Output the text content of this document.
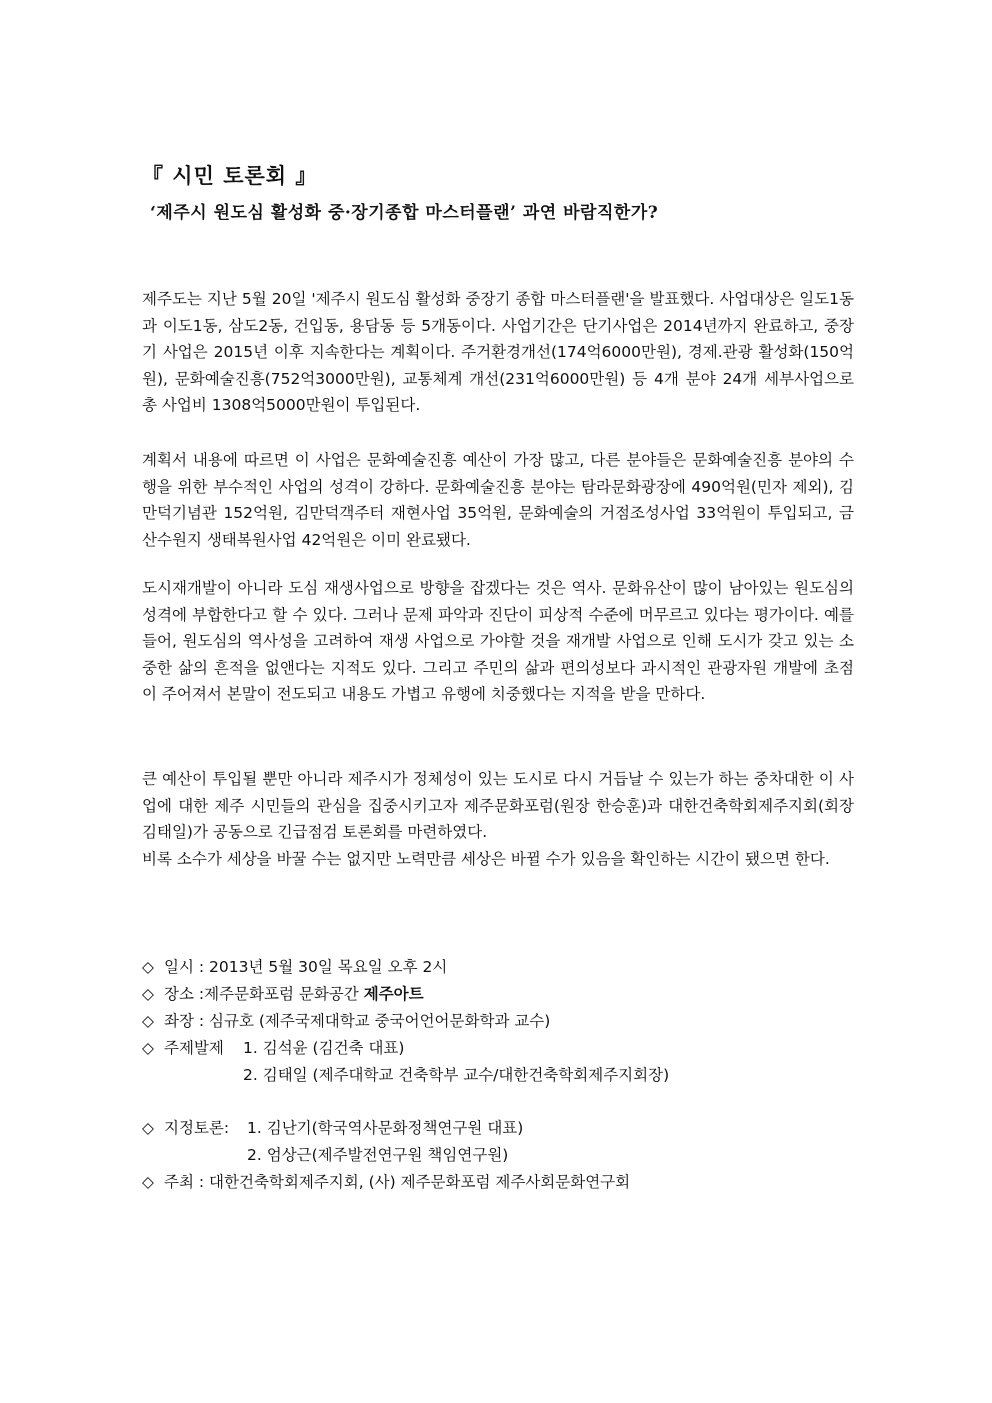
『 시민 토론회 』
‘제주시 원도심 활성화 중·장기종합 마스터플랜’ 과연 바람직한가?

제주도는 지난 5월 20일 '제주시 원도심 활성화 중장기 종합 마스터플랜'을 발표했다. 사업대상은 일도1동과 이도1동, 삼도2동, 건입동, 용담동 등 5개동이다. 사업기간은 단기사업은 2014년까지 완료하고, 중장기 사업은 2015년 이후 지속한다는 계획이다. 주거환경개선(174억6000만원), 경제.관광 활성화(150억원), 문화예술진흥(752억3000만원), 교통체계 개선(231억6000만원) 등 4개 분야 24개 세부사업으로 총 사업비 1308억5000만원이 투입된다.

계획서 내용에 따르면 이 사업은 문화예술진흥 예산이 가장 많고, 다른 분야들은 문화예술진흥 분야의 수행을 위한 부수적인 사업의 성격이 강하다. 문화예술진흥 분야는 탐라문화광장에 490억원(민자 제외), 김만덕기념관 152억원, 김만덕객주터 재현사업 35억원, 문화예술의 거점조성사업 33억원이 투입되고, 금산수원지 생태복원사업 42억원은 이미 완료됐다.

도시재개발이 아니라 도심 재생사업으로 방향을 잡겠다는 것은 역사. 문화유산이 많이 남아있는 원도심의 성격에 부합한다고 할 수 있다. 그러나 문제 파악과 진단이 피상적 수준에 머무르고 있다는 평가이다. 예를 들어, 원도심의 역사성을 고려하여 재생 사업으로 가야할 것을 재개발 사업으로 인해 도시가 갖고 있는 소중한 삶의 흔적을 없앤다는 지적도 있다. 그리고 주민의 삶과 편의성보다 과시적인 관광자원 개발에 초점이 주어져서 본말이 전도되고 내용도 가볍고 유행에 치중했다는 지적을 받을 만하다.

큰 예산이 투입될 뿐만 아니라 제주시가 정체성이 있는 도시로 다시 거듭날 수 있는가 하는 중차대한 이 사업에 대한 제주 시민들의 관심을 집중시키고자 제주문화포럼(원장 한승훈)과 대한건축학회제주지회(회장 김태일)가 공동으로 긴급점검 토론회를 마련하였다.

비록 소수가 세상을 바꿀 수는 없지만 노력만큼 세상은 바뀔 수가 있음을 확인하는 시간이 됐으면 한다.

◇ 일시 : 2013년 5월 30일 목요일 오후 2시
◇ 장소 :제주문화포럼 문화공간 제주아트
◇ 좌장 : 심규호 (제주국제대학교 중국어언어문화학과 교수)
◇ 주제발제 1. 김석윤 (김건축 대표)
2. 김태일 (제주대학교 건축학부 교수/대한건축학회제주지회장)
◇ 지정토론: 1. 김난기(학국역사문화정책연구원 대표)
2. 엄상근(제주발전연구원 책임연구원)
◇ 주최 : 대한건축학회제주지회, (사) 제주문화포럼 제주사회문화연구회
